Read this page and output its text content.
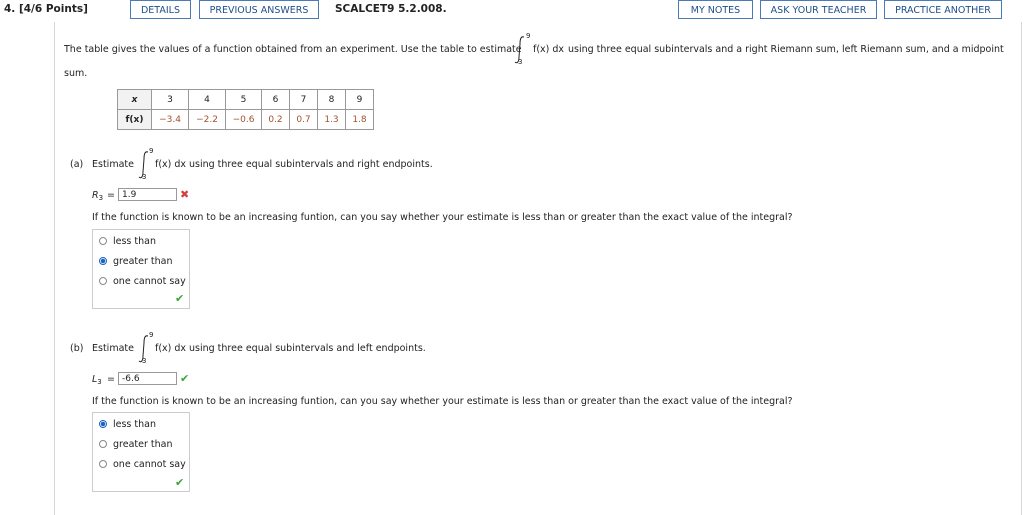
4. [4/6 Points]	DETAILS	PREVIOUS ANSWERS	SCALCET9 5.2.008.	MY NOTES	ASK YOUR TEACHER	PRACTICE ANOTHER
The table gives the values of a function obtained from an experiment. Use the table to estimate
9
3
f(x) dx using three equal subintervals and a right Riemann sum, left Riemann sum, and a midpoint
sum.
x	3	4	5	6	7	8	9
f(x)	−3.4	−2.2	−0.6	0.2	0.7	1.3	1.8
(a) Estimate
9
3
f(x) dx using three equal subintervals and right endpoints.
$R_3 = 1.9$	✖
If the function is known to be an increasing funtion, can you say whether your estimate is less than or greater than the exact value of the integral?
less than
greater than
one cannot say
✔
(b) Estimate
9
3
f(x) dx using three equal subintervals and left endpoints.
$L_3 = -6.6$	✔
If the function is known to be an increasing funtion, can you say whether your estimate is less than or greater than the exact value of the integral?
less than
greater than
one cannot say
✔
